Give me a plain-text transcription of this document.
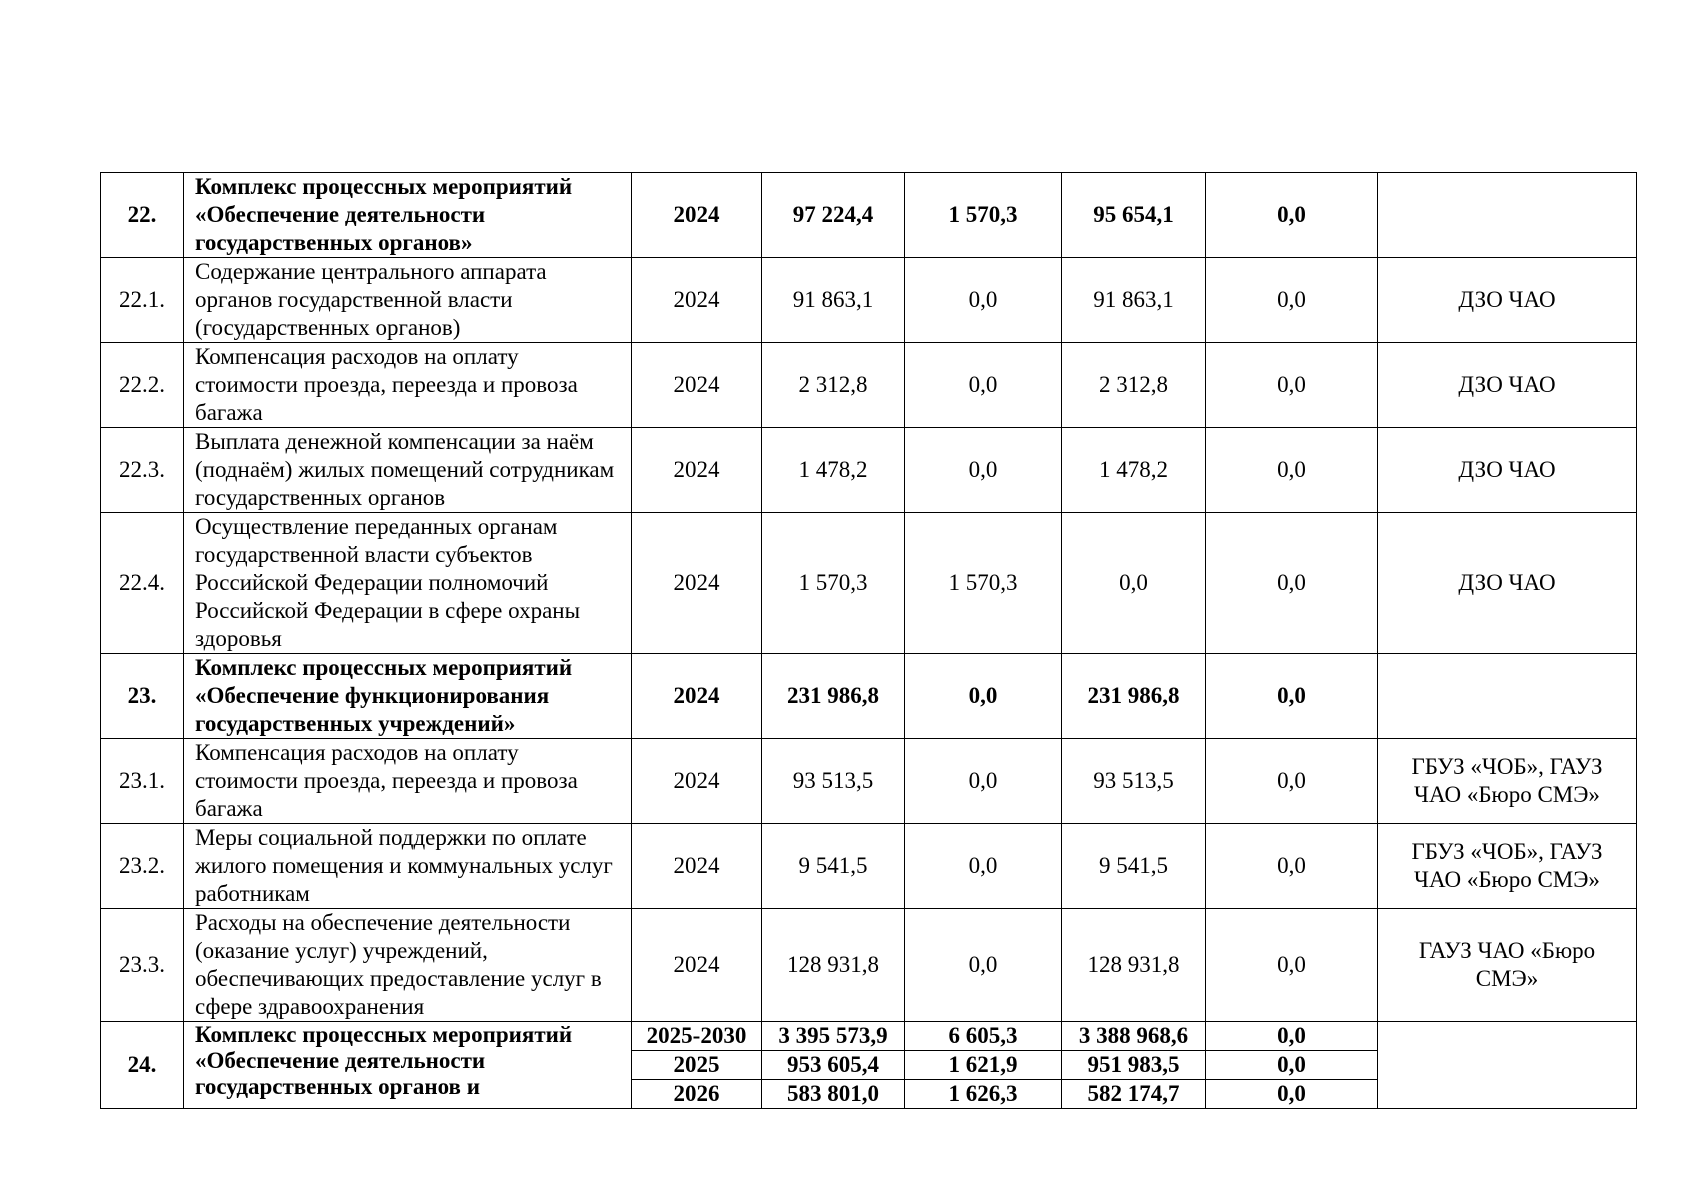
22.	Комплекс процессных мероприятий «Обеспечение деятельности государственных органов»	2024	97 224,4	1 570,3	95 654,1	0,0	
22.1.	Содержание центрального аппарата органов государственной власти (государственных органов)	2024	91 863,1	0,0	91 863,1	0,0	ДЗО ЧАО
22.2.	Компенсация расходов на оплату стоимости проезда, переезда и провоза багажа	2024	2 312,8	0,0	2 312,8	0,0	ДЗО ЧАО
22.3.	Выплата денежной компенсации за наём (поднаём) жилых помещений сотрудникам государственных органов	2024	1 478,2	0,0	1 478,2	0,0	ДЗО ЧАО
22.4.	Осуществление переданных органам государственной власти субъектов Российской Федерации полномочий Российской Федерации в сфере охраны здоровья	2024	1 570,3	1 570,3	0,0	0,0	ДЗО ЧАО
23.	Комплекс процессных мероприятий «Обеспечение функционирования государственных учреждений»	2024	231 986,8	0,0	231 986,8	0,0	
23.1.	Компенсация расходов на оплату стоимости проезда, переезда и провоза багажа	2024	93 513,5	0,0	93 513,5	0,0	ГБУЗ «ЧОБ», ГАУЗ ЧАО «Бюро СМЭ»
23.2.	Меры социальной поддержки по оплате жилого помещения и коммунальных услуг работникам	2024	9 541,5	0,0	9 541,5	0,0	ГБУЗ «ЧОБ», ГАУЗ ЧАО «Бюро СМЭ»
23.3.	Расходы на обеспечение деятельности (оказание услуг) учреждений, обеспечивающих предоставление услуг в сфере здравоохранения	2024	128 931,8	0,0	128 931,8	0,0	ГАУЗ ЧАО «Бюро СМЭ»
24.	Комплекс процессных мероприятий «Обеспечение деятельности государственных органов и	2025-2030	3 395 573,9	6 605,3	3 388 968,6	0,0	
		2025	953 605,4	1 621,9	951 983,5	0,0	
		2026	583 801,0	1 626,3	582 174,7	0,0	
